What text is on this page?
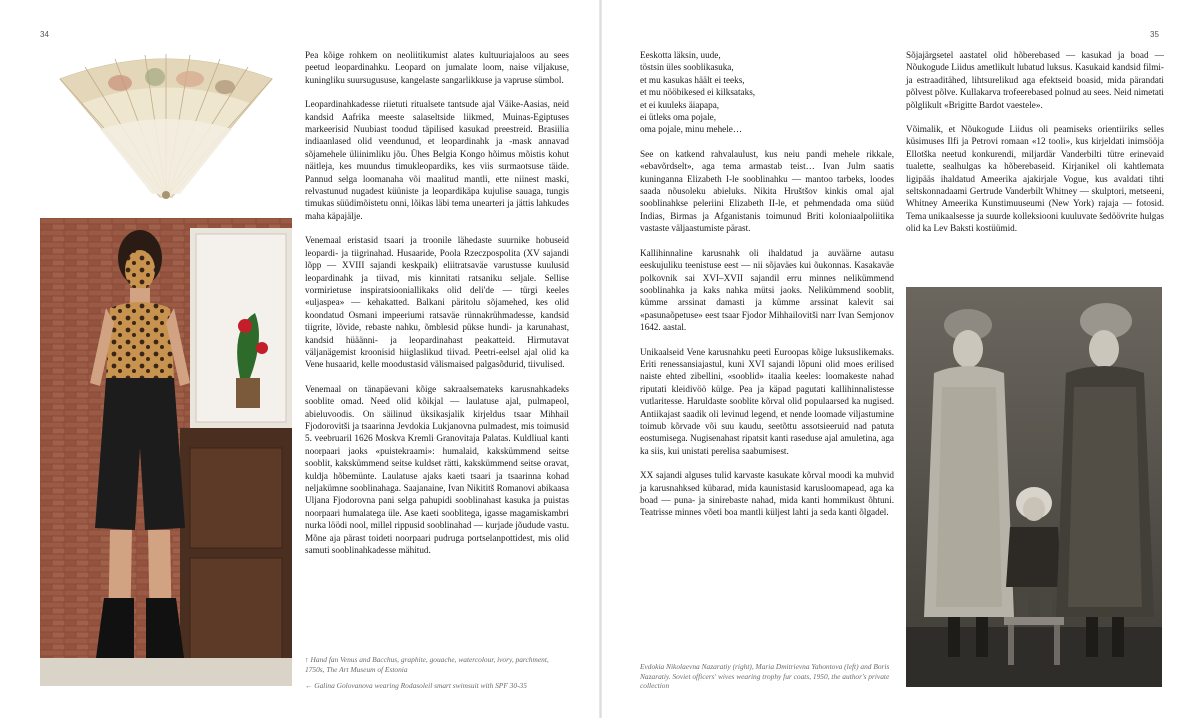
34	35

Pea kõige rohkem on neoliitikumist alates kultuuriajaloos au sees peetud leopardinahku. Leopard on jumalate loom, naise viljakuse, kuningliku suursugususe, kangelaste sangarlikkuse ja vapruse sümbol.

Leopardinahkadesse riietuti ritualsete tantsude ajal Väike-Aasias, neid kandsid Aafrika meeste salaseltside liikmed, Muinas-Egiptuses markeerisid Nuubiast toodud täpilised kasukad preestreid. Brasiilia indiaanlased olid veendunud, et leopardinahk ja -mask annavad sõjamehele üliinimliku jõu. Ühes Belgia Kongo hõimus mõistis kohut näitleja, kes muundus timukleopardiks, kes viis surmaotsuse täide. Pannud selga loomanaha või maalitud mantli, ette niinest maski, relvastunud nugadest küüniste ja leopardikäpa kujulise sauaga, tungis timukas süüdimõistetu onni, lõikas läbi tema unearteri ja jättis lahkudes maha käpajälje.

Venemaal eristasid tsaari ja troonile lähedaste suurnike hobuseid leopardi- ja tiigrinahad. Husaaride, Poola Rzeczpospolita (XV sajandi lõpp — XVIII sajandi keskpaik) eliitratsaväe varustusse kuulusid leopardinahk ja tiivad, mis kinnitati ratsaniku seljale. Sellise vormirietuse inspiratsiooniallikaks olid deli'de — türgi keeles «uljaspea» — kehakatted. Balkani päritolu sõjamehed, kes olid koondatud Osmani impeeriumi ratsaväe rünnakrühmadesse, kandsid tiigrite, lõvide, rebaste nahku, õmblesid pükse hundi- ja karunahast, kandsid hüäänni- ja leopardinahast peakatteid. Hirmutavat väljanägemist kroonisid hiiglaslikud tiivad. Peetri-eelsel ajal olid ka Vene husaarid, kelle moodustasid välismaised palgasõdurid, tiivulised.

Venemaal on tänapäevani kõige sakraalsemateks karusnahkadeks sooblite omad. Need olid kõikjal — laulatuse ajal, pulmapeol, abieluvoodis. On säilinud üksikasjalik kirjeldus tsaar Mihhail Fjodorovitši ja tsaarinna Jevdokia Lukjanovna pulmadest, mis toimusid 5. veebruaril 1626 Moskva Kremli Granovitaja Palatas. Kuldliual kanti noorpaari jaoks «puistekraami»: humalaid, kakskümmend seitse sooblit, kakskümmend seitse kuldset rätti, kakskümmend seitse oravat, kuldja hõbemünte. Laulatuse ajaks kaeti tsaari ja tsaarinna kohad neljakümne sooblinahaga. Saajanaine, Ivan Nikititš Romanovi abikaasa Uljana Fjodorovna pani selga pahupidi sooblinahast kasuka ja puistas noorpaari humalatega üle. Ase kaeti sooblitega, igasse magamiskambri nurka löödi nool, millel rippusid sooblinahad — kurjade jõudude vastu. Mõne aja pärast toideti noorpaari pudruga portselanpottidest, mis olid samuti sooblinahkadesse mähitud.

↑ Hand fan Venus and Bacchus, graphite, gouache, watercolour, ivory, parchment, 1750s, The Art Museum of Estonia
← Galina Golovanova wearing Rodasoleil smart swimsuit with SPF 30-35

Eeskotta läksin, uude,

töstsin üles sooblikasuka,

et mu kasukas häält ei teeks,

et mu nööbikesed ei kilksataks,

et ei kuuleks äiapapa,

ei ütleks oma pojale,

oma pojale, minu mehele…

See on katkend rahvalaulust, kus neiu pandi mehele rikkale, «ebavõrdselt», aga tema armastab teist… Ivan Julm saatis kuninganna Elizabeth I-le sooblinahku — mantoo tarbeks, loodes saada nõusoleku abieluks. Nikita Hruštšov kinkis omal ajal sooblinahkse peleriini Elizabeth II-le, et pehmendada oma süüd Indias, Birmas ja Afganistanis toimunud Briti koloniaalpoliitika vastaste väljaastumiste pärast.

Kallihinnaline karusnahk oli ihaldatud ja auväärne autasu eeskujuliku teenistuse eest — nii sõjaväes kui õukonnas. Kasakaväe polkovnik sai XVI–XVII sajandil erru minnes nelikümmend sooblinahka ja kaks nahka mütsi jaoks. Nelikümmend sooblit, kümme arssinat damasti ja kümme arssinat kalevit sai «pasunaõpetuse» eest tsaar Fjodor Mihhailovitši narr Ivan Semjonov 1642. aastal.

Unikaalseid Vene karusnahku peeti Euroopas kõige luksuslikemaks. Eriti renessansiajastul, kuni XVI sajandi lõpuni olid moes erilised naiste ehted zibellini, «sooblid» itaalia keeles: loomakeste nahad riputati kleidivöö külge. Pea ja käpad pagutati kallihinnalistesse vutlaritesse. Haruldaste sooblite kõrval olid populaarsed ka nugised. Antiikajast saadik oli levinud legend, et nende loomade viljastumine toimub kõrvade või suu kaudu, seetõttu assotsieeruid nad patuta eostumisega. Nugisenahast ripatsit kanti raseduse ajal amuletina, aga ka siis, kui unistati perelisa saabumisest.

XX sajandi alguses tulid karvaste kasukate kõrval moodi ka muhvid ja karusnahksed kübarad, mida kaunistasid karusloomapead, aga ka boad — puna- ja sinirebaste nahad, mida kanti hommikust õhtuni. Teatrisse minnes võeti boa mantli küljest lahti ja seda kanti õlgadel.

Evdokia Nikolaevna Nazaratiy (right), Maria Dmitrievna Yahontova (left) and Boris Nazaratiy. Soviet officers' wives wearing trophy fur coats, 1950, the author's private collection

Sõjajärgsetel aastatel olid hõberebased — kasukad ja boad — Nõukogude Liidus ametlikult lubatud luksus. Kasukaid kandsid filmi- ja estraaditähed, lihtsurelikud aga efektseid boasid, mida pärandati põlvest põlve. Kullakarva trofeerebased polnud au sees. Neid nimetati põlglikult «Brigitte Bardot vaestele».

Võimalik, et Nõukogude Liidus oli peamiseks orientiiriks selles küsimuses Ilfi ja Petrovi romaan «12 tooli», kus kirjeldati inimsööja Ellotška neetud konkurendi, miljardär Vanderbilti tütre erinevaid tualette, sealhulgas ka hõberebaseid. Kirjanikel oli kahtlemata ligipääs ihaldatud Ameerika ajakirjale Vogue, kus avaldati tihti seltskonnadaami Gertrude Vanderbilt Whitney — skulptori, metseeni, Whitney Ameerika Kunstimuuseumi (New York) rajaja — fotosid. Tema unikaalsesse ja suurde kolleksiooni kuuluvate šedöövrite hulgas olid ka Lev Baksti kostüümid.
